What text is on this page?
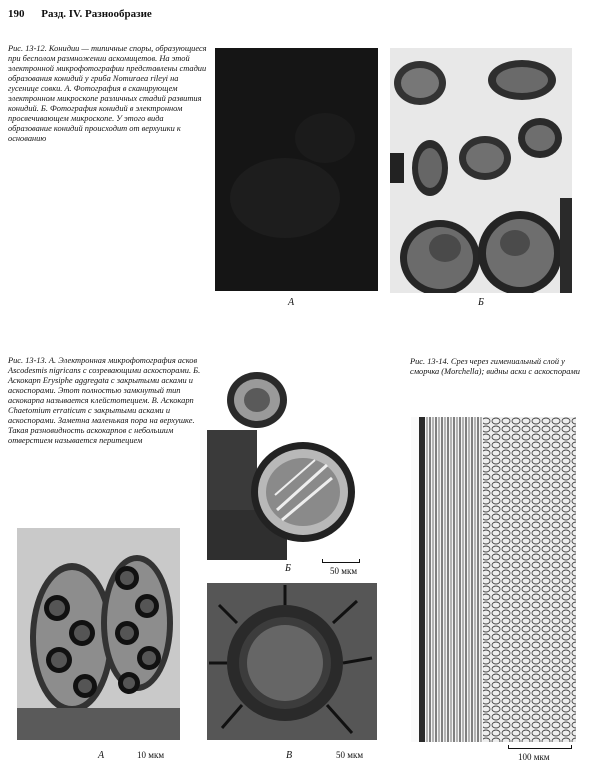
190 Разд. IV. Разнообразие
Рис. 13-12. Конидии — типичные споры, образующиеся при бесполом размножении аскомицетов. На этой электронной микрофотографии представлены стадии образования конидий у гриба Nomuraea rileyi на гусенице совки. А. Фотография в сканирующем электронном микроскопе различных стадий развития конидий. Б. Фотография конидий в электронном просвечивающем микроскопе. У этого вида образование конидий происходит от верхушки к основанию
А	Б
Рис. 13-13. А. Электронная микрофотография асков Ascodesmis nigricans с созревающими аскоспорами. Б. Аскокарп Erysiphe aggregata с закрытыми асками и аскоспорами. Этот полностью замкнутый тип аскокарпа называется клейстотецием. В. Аскокарп Chaetomium erraticum с закрытыми асками и аскоспорами. Заметна маленькая пора на верхушке. Такая разновидность аскокарпов с небольшим отверстием называется перитецием
Рис. 13-14. Срез через гимениальный слой у сморчка (Morchella); видны аски с аскоспорами
Б	50 мкм
А	10 мкм	В	50 мкм	100 мкм
